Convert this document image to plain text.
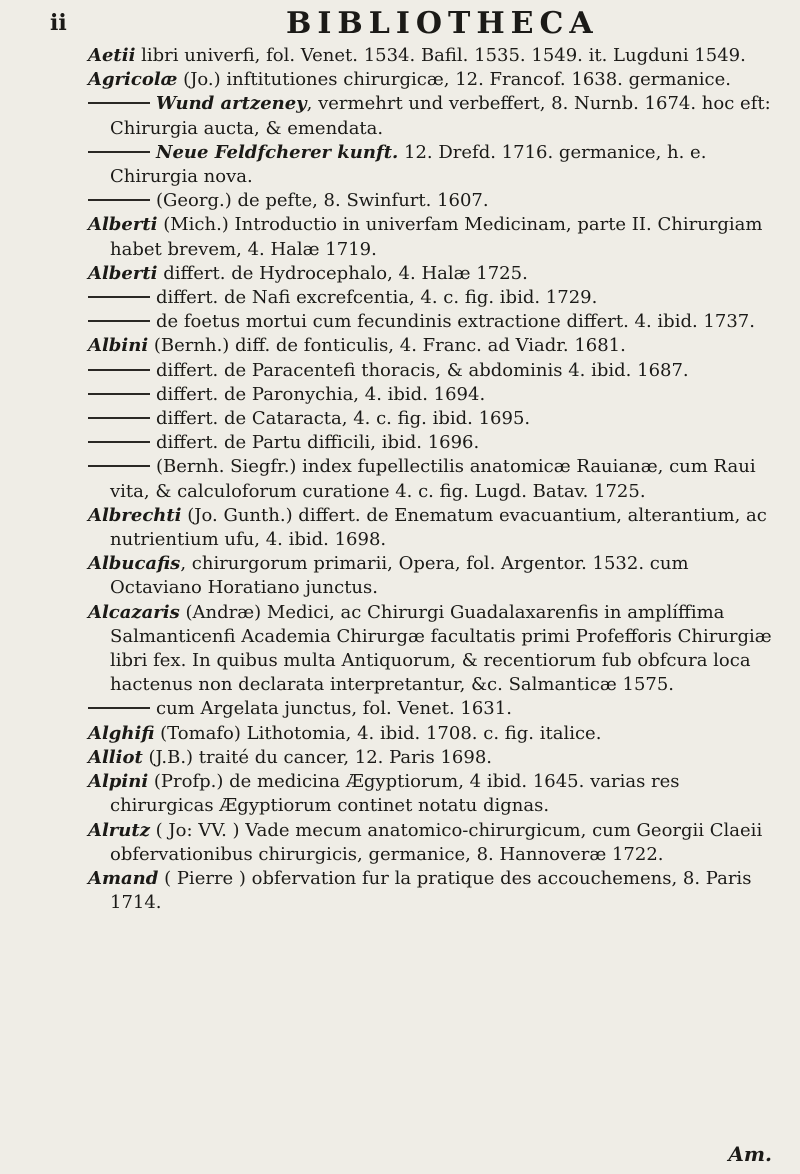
ii	BIBLIOTHECA

Aetii libri univerfi, fol. Venet. 1534. Bafil. 1535. 1549. it. Lugduni 1549.

Agricolæ (Jo.) inftitutiones chirurgicæ, 12. Francof. 1638. germanice.

Wund artzeney, vermehrt und verbeffert, 8. Nurnb. 1674. hoc eft: Chirurgia aucta, & emendata.

Neue Feldfcherer kunft. 12. Drefd. 1716. germanice, h. e. Chirurgia nova.

(Georg.) de pefte, 8. Swinfurt. 1607.

Alberti (Mich.) Introductio in univerfam Medicinam, parte II. Chirurgiam habet brevem, 4. Halæ 1719.

Alberti differt. de Hydrocephalo, 4. Halæ 1725.

differt. de Nafi excrefcentia, 4. c. fig. ibid. 1729.

de foetus mortui cum fecundinis extractione differt. 4. ibid. 1737.

Albini (Bernh.) diff. de fonticulis, 4. Franc. ad Viadr. 1681.

differt. de Paracentefi thoracis, & abdominis 4. ibid. 1687.

differt. de Paronychia, 4. ibid. 1694.

differt. de Cataracta, 4. c. fig. ibid. 1695.

differt. de Partu difficili, ibid. 1696.

(Bernh. Siegfr.) index fupellectilis anatomicæ Rauianæ, cum Raui vita, & calculoforum curatione 4. c. fig. Lugd. Batav. 1725.

Albrechti (Jo. Gunth.) differt. de Enematum evacuantium, alterantium, ac nutrientium ufu, 4. ibid. 1698.

Albucafis, chirurgorum primarii, Opera, fol. Argentor. 1532. cum Octaviano Horatiano junctus.

Alcazaris (Andræ) Medici, ac Chirurgi Guadalaxarenfis in amplíffima Salmanticenfi Academia Chirurgæ facultatis primi Profefforis Chirurgiæ libri fex. In quibus multa Antiquorum, & recentiorum fub obfcura loca hactenus non declarata interpretantur, &c. Salmanticæ 1575.

cum Argelata junctus, fol. Venet. 1631.

Alghifi (Tomafo) Lithotomia, 4. ibid. 1708. c. fig. italice.

Alliot (J.B.) traité du cancer, 12. Paris 1698.

Alpini (Profp.) de medicina Ægyptiorum, 4 ibid. 1645. varias res chirurgicas Ægyptiorum continet notatu dignas.

Alrutz ( Jo: VV. ) Vade mecum anatomico-chirurgicum, cum Georgii Claeii obfervationibus chirurgicis, germanice, 8. Hannoveræ 1722.

Amand ( Pierre ) obfervation fur la pratique des accouchemens, 8. Paris 1714.

Am.
